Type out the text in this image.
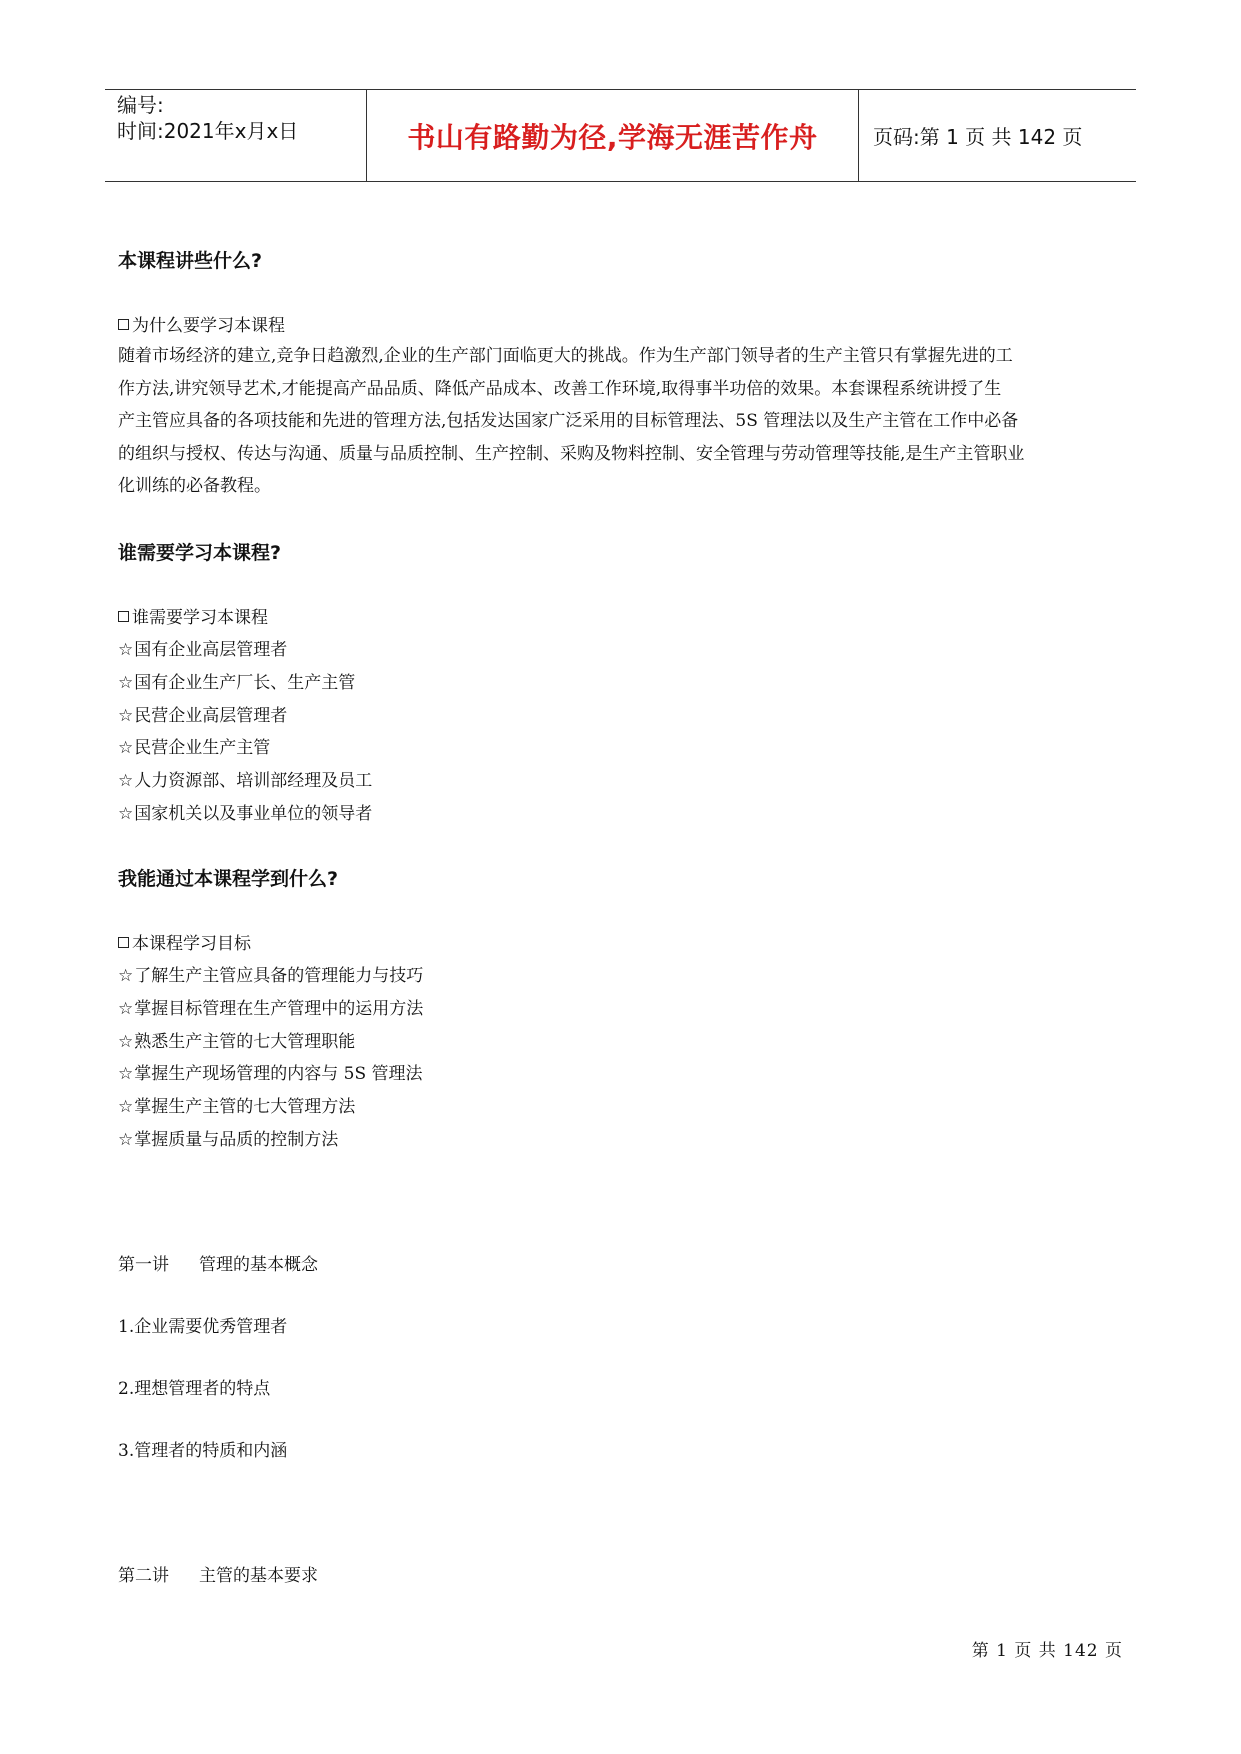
编号:
时间:2021年x月x日	书山有路勤为径,学海无涯苦作舟	页码:第 1 页 共 142 页
本课程讲些什么?
为什么要学习本课程
随着市场经济的建立,竞争日趋激烈,企业的生产部门面临更大的挑战。作为生产部门领导者的生产主管只有掌握先进的工
作方法,讲究领导艺术,才能提高产品品质、降低产品成本、改善工作环境,取得事半功倍的效果。本套课程系统讲授了生
产主管应具备的各项技能和先进的管理方法,包括发达国家广泛采用的目标管理法、5S 管理法以及生产主管在工作中必备
的组织与授权、传达与沟通、质量与品质控制、生产控制、采购及物料控制、安全管理与劳动管理等技能,是生产主管职业
化训练的必备教程。
谁需要学习本课程?
谁需要学习本课程
☆国有企业高层管理者
☆国有企业生产厂长、生产主管
☆民营企业高层管理者
☆民营企业生产主管
☆人力资源部、培训部经理及员工
☆国家机关以及事业单位的领导者
我能通过本课程学到什么?
本课程学习目标
☆了解生产主管应具备的管理能力与技巧
☆掌握目标管理在生产管理中的运用方法
☆熟悉生产主管的七大管理职能
☆掌握生产现场管理的内容与 5S 管理法
☆掌握生产主管的七大管理方法
☆掌握质量与品质的控制方法
第一讲 管理的基本概念
1.企业需要优秀管理者
2.理想管理者的特点
3.管理者的特质和内涵
第二讲 主管的基本要求
第 1 页 共 142 页
